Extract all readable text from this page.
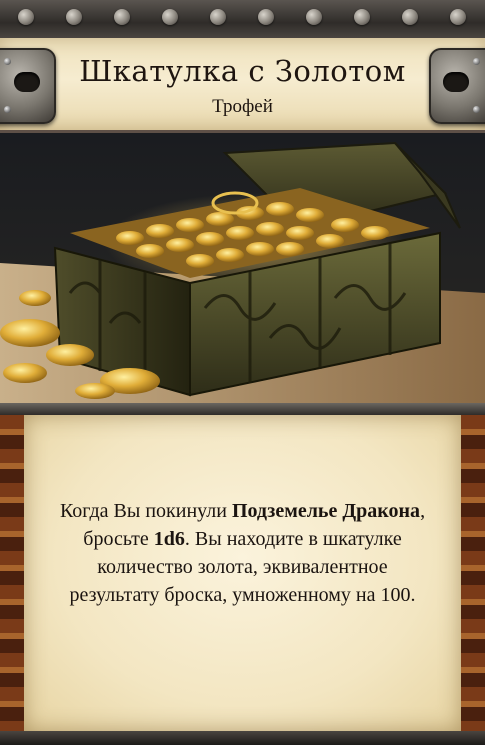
Шкатулка с Золотом
Трофей
Когда Вы покинули Подземелье Дракона,
бросьте 1d6. Вы находите в шкатулке
количество золота, эквивалентное
результату броска, умноженному на 100.
